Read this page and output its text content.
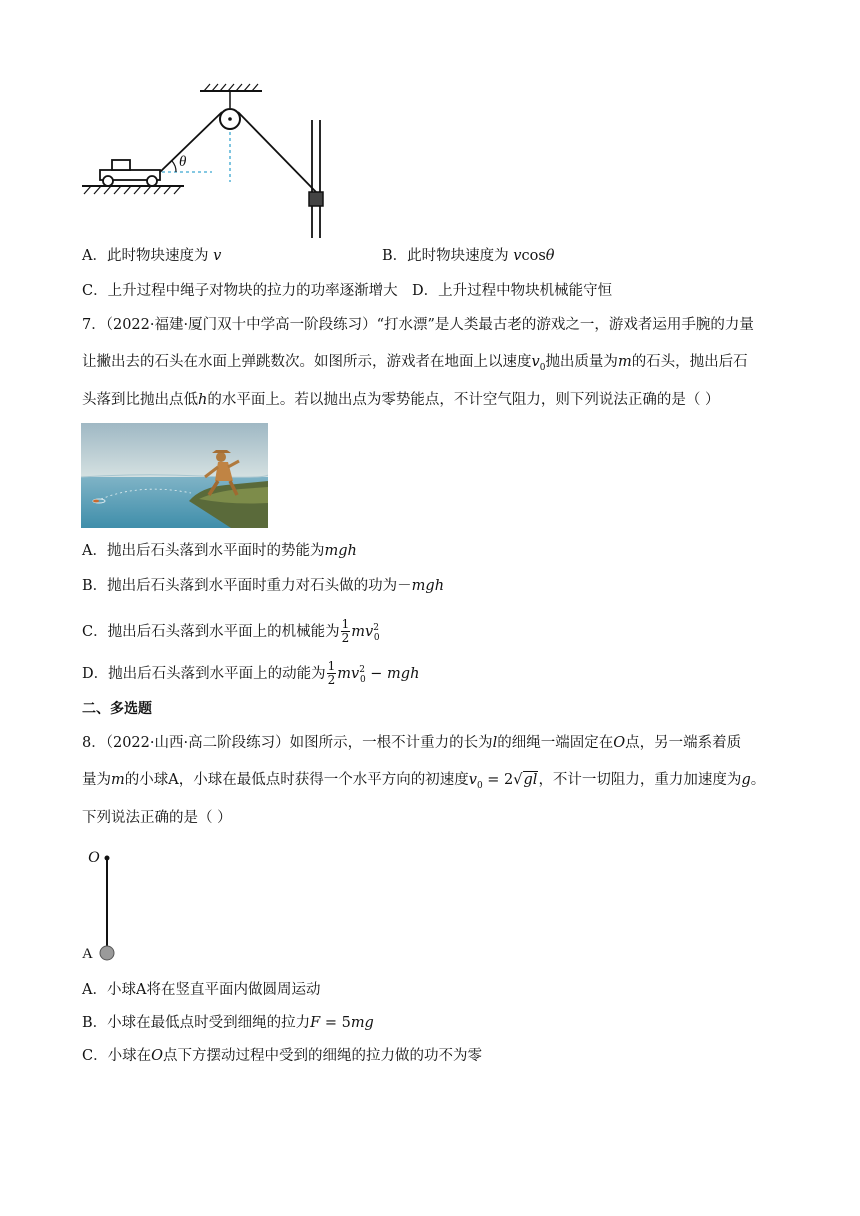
θ
A．此时物块速度为 v	B．此时物块速度为 vcosθ
C．上升过程中绳子对物块的拉力的功率逐渐增大 D．上升过程中物块机械能守恒
7．（2022·福建·厦门双十中学高一阶段练习）“打水漂”是人类最古老的游戏之一，游戏者运用手腕的力量
让撇出去的石头在水面上弹跳数次。如图所示，游戏者在地面上以速度$v_0$抛出质量为m的石头，抛出后石
头落到比抛出点低h的水平面上。若以抛出点为零势能点，不计空气阻力，则下列说法正确的是（ ）
A．抛出后石头落到水平面时的势能为mgh
B．抛出后石头落到水平面时重力对石头做的功为－mgh
C．抛出后石头落到水平面上的机械能为 $\frac{1}{2} mv^2_0$
D．抛出后石头落到水平面上的动能为 $\frac{1}{2} mv^2_0$ − mgh
二、多选题
8．（2022·山西·高二阶段练习）如图所示，一根不计重力的长为l的细绳一端固定在O点，另一端系着质
量为m的小球A，小球在最低点时获得一个水平方向的初速度$v_0 = 2√gl$，不计一切阻力，重力加速度为g。
下列说法正确的是（ ）
O
A
A．小球A将在竖直平面内做圆周运动
B．小球在最低点时受到细绳的拉力F = 5mg
C．小球在O点下方摆动过程中受到的细绳的拉力做的功不为零
